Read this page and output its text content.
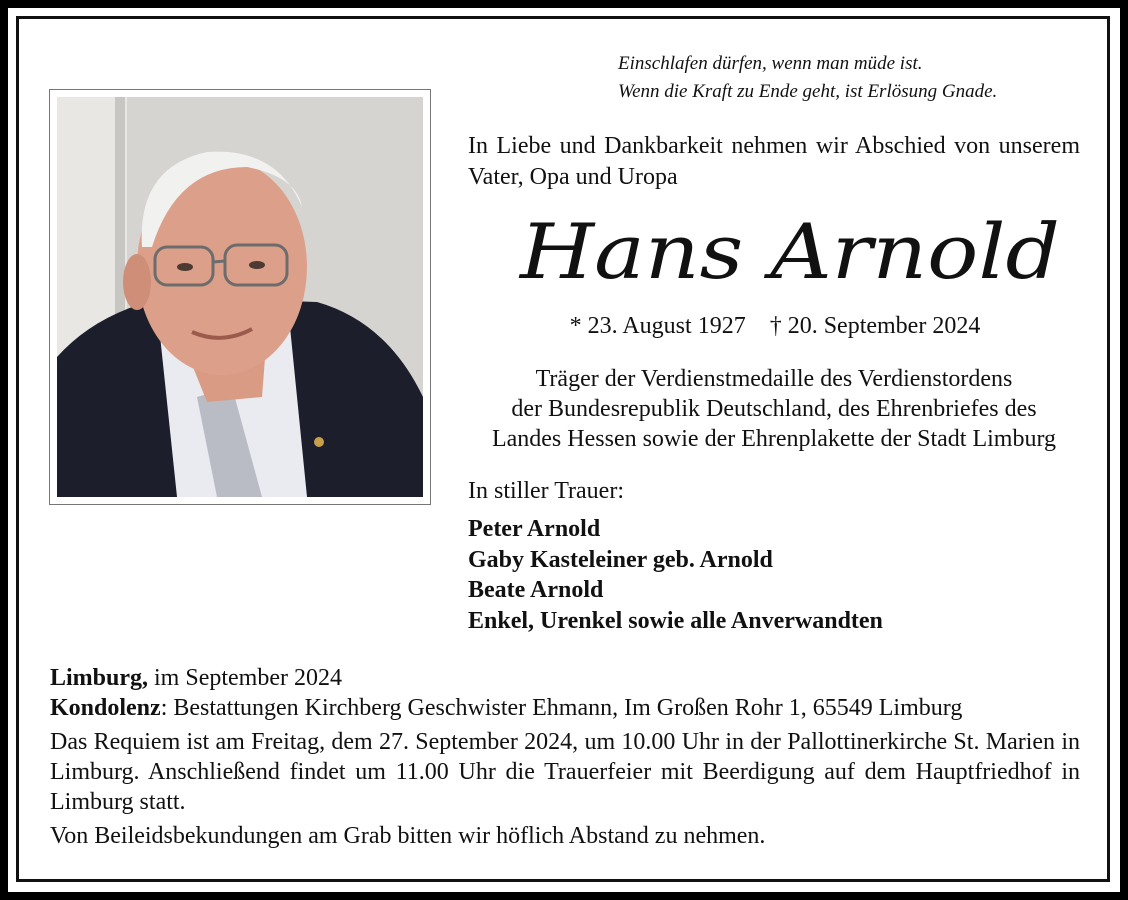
Einschlafen dürfen, wenn man müde ist.
Wenn die Kraft zu Ende geht, ist Erlösung Gnade.
In Liebe und Dankbarkeit nehmen wir Abschied von unserem Vater, Opa und Uropa
Hans Arnold
* 23. August 1927 † 20. September 2024
Träger der Verdienstmedaille des Verdienstordens
der Bundesrepublik Deutschland, des Ehrenbriefes des
Landes Hessen sowie der Ehrenplakette der Stadt Limburg
In stiller Trauer:
Peter Arnold
Gaby Kasteleiner geb. Arnold
Beate Arnold
Enkel, Urenkel sowie alle Anverwandten
Limburg, im September 2024
Kondolenz: Bestattungen Kirchberg Geschwister Ehmann, Im Großen Rohr 1, 65549 Limburg
Das Requiem ist am Freitag, dem 27. September 2024, um 10.00 Uhr in der Pallottinerkirche St. Marien in Limburg. Anschließend findet um 11.00 Uhr die Trauerfeier mit Beerdigung auf dem Hauptfriedhof in Limburg statt.
Von Beileidsbekundungen am Grab bitten wir höflich Abstand zu nehmen.
